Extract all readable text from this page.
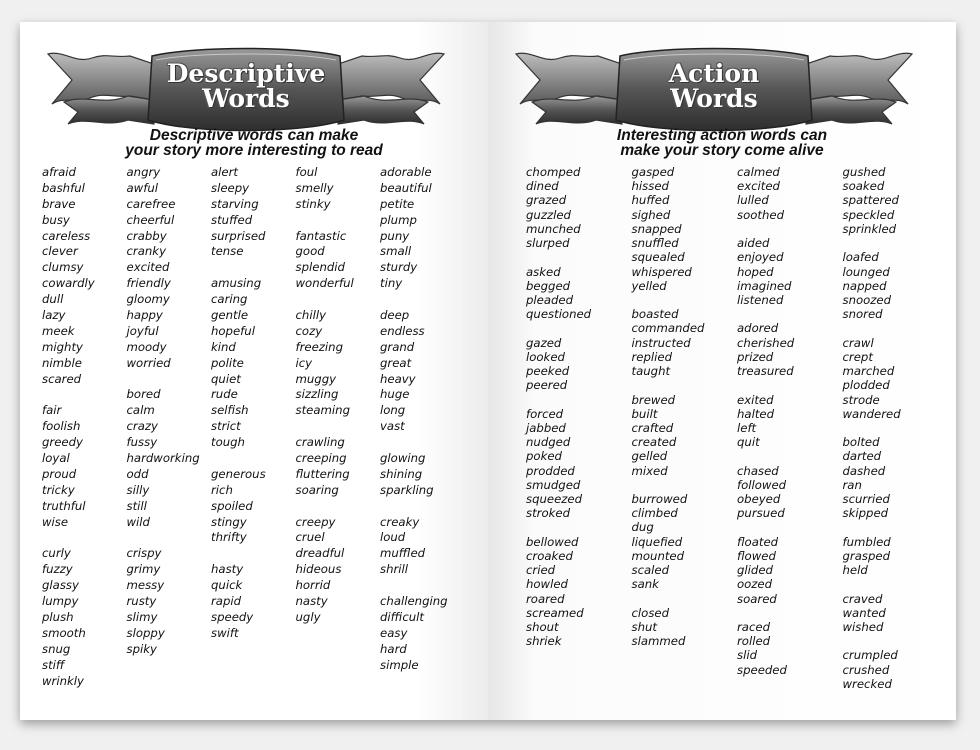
Descriptive
Words
Descriptive words can make
your story more interesting to read
afraid
bashful
brave
busy
careless
clever
clumsy
cowardly
dull
lazy
meek
mighty
nimble
scared
fair
foolish
greedy
loyal
proud
tricky
truthful
wise
curly
fuzzy
glassy
lumpy
plush
smooth
snug
stiff
wrinkly
angry
awful
carefree
cheerful
crabby
cranky
excited
friendly
gloomy
happy
joyful
moody
worried
bored
calm
crazy
fussy
hardworking
odd
silly
still
wild
crispy
grimy
messy
rusty
slimy
sloppy
spiky
alert
sleepy
starving
stuffed
surprised
tense
amusing
caring
gentle
hopeful
kind
polite
quiet
rude
selfish
strict
tough
generous
rich
spoiled
stingy
thrifty
hasty
quick
rapid
speedy
swift
foul
smelly
stinky
fantastic
good
splendid
wonderful
chilly
cozy
freezing
icy
muggy
sizzling
steaming
crawling
creeping
fluttering
soaring
creepy
cruel
dreadful
hideous
horrid
nasty
ugly
adorable
beautiful
petite
plump
puny
small
sturdy
tiny
deep
endless
grand
great
heavy
huge
long
vast
glowing
shining
sparkling
creaky
loud
muffled
shrill
challenging
difficult
easy
hard
simple
Action
Words
Interesting action words can
make your story come alive
chomped
dined
grazed
guzzled
munched
slurped
asked
begged
pleaded
questioned
gazed
looked
peeked
peered
forced
jabbed
nudged
poked
prodded
smudged
squeezed
stroked
bellowed
croaked
cried
howled
roared
screamed
shout
shriek
gasped
hissed
huffed
sighed
snapped
snuffled
squealed
whispered
yelled
boasted
commanded
instructed
replied
taught
brewed
built
crafted
created
gelled
mixed
burrowed
climbed
dug
liquefied
mounted
scaled
sank
closed
shut
slammed
calmed
excited
lulled
soothed
aided
enjoyed
hoped
imagined
listened
adored
cherished
prized
treasured
exited
halted
left
quit
chased
followed
obeyed
pursued
floated
flowed
glided
oozed
soared
raced
rolled
slid
speeded
gushed
soaked
spattered
speckled
sprinkled
loafed
lounged
napped
snoozed
snored
crawl
crept
marched
plodded
strode
wandered
bolted
darted
dashed
ran
scurried
skipped
fumbled
grasped
held
craved
wanted
wished
crumpled
crushed
wrecked
